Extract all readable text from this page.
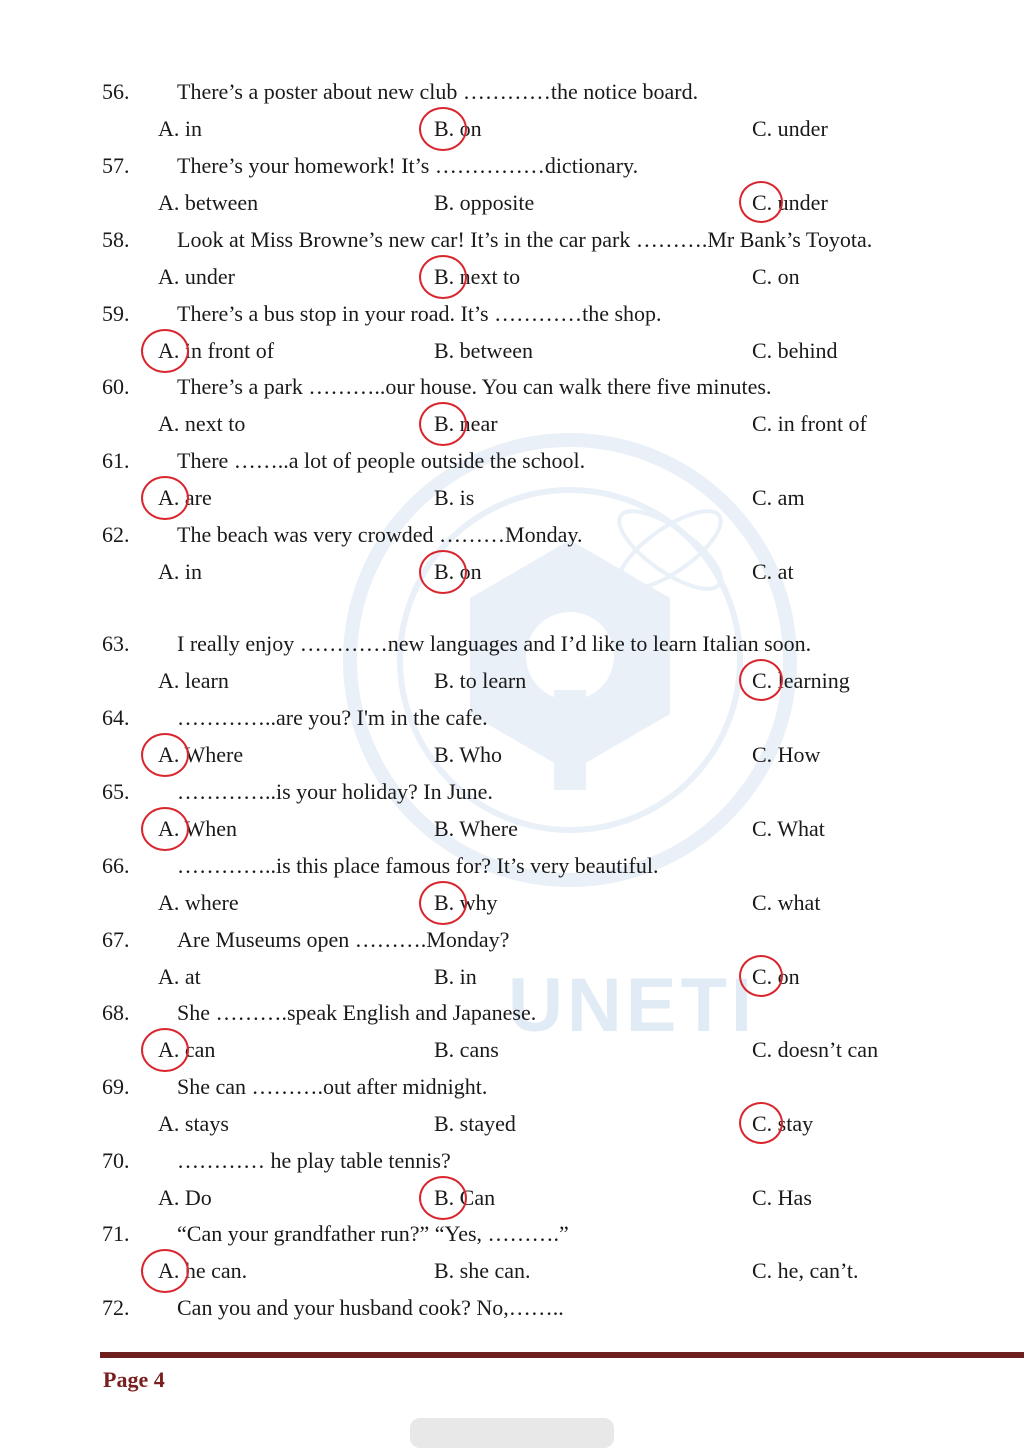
UNETI
56. There’s a poster about new club …………the notice board.
A. in	B. on	C. under
57. There’s your homework! It’s ……………dictionary.
A. between	B. opposite	C. under
58. Look at Miss Browne’s new car! It’s in the car park ……….Mr Bank’s Toyota.
A. under	B. next to	C. on
59. There’s a bus stop in your road. It’s …………the shop.
A. in front of	B. between	C. behind
60. There’s a park ………..our house. You can walk there five minutes.
A. next to	B. near	C. in front of
61. There ……..a lot of people outside the school.
A. are	B. is	C. am
62. The beach was very crowded ………Monday.
A. in	B. on	C. at
63. I really enjoy …………new languages and I’d like to learn Italian soon.
A. learn	B. to learn	C. learning
64. …………..are you? I'm in the cafe.
A. Where	B. Who	C. How
65. …………..is your holiday? In June.
A. When	B. Where	C. What
66. …………..is this place famous for? It’s very beautiful.
A. where	B. why	C. what
67. Are Museums open ……….Monday?
A. at	B. in	C. on
68. She ……….speak English and Japanese.
A. can	B. cans	C. doesn’t can
69. She can ……….out after midnight.
A. stays	B. stayed	C. stay
70. ………… he play table tennis?
A. Do	B. Can	C. Has
71. “Can your grandfather run?” “Yes, ……….”
A. he can.	B. she can.	C. he, can’t.
72. Can you and your husband cook? No,……..
Page 4
